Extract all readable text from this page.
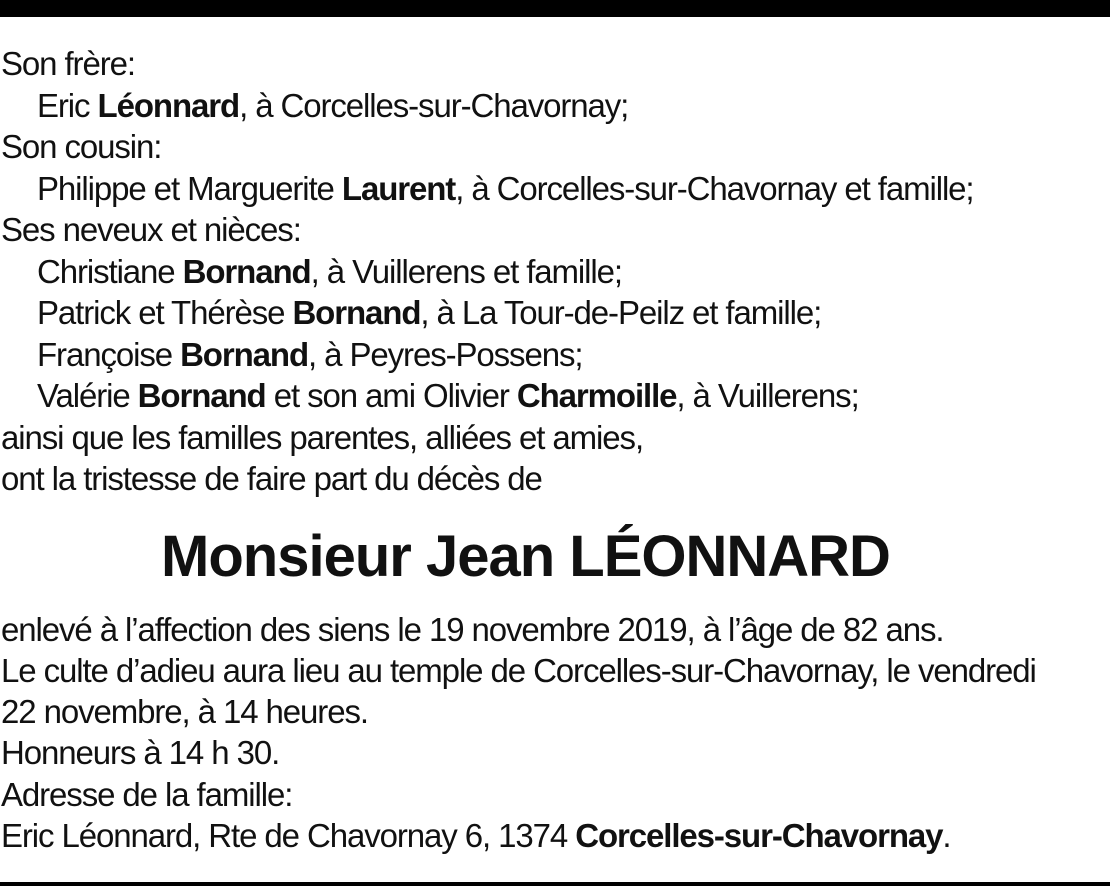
Son frère:
Eric Léonnard, à Corcelles-sur-Chavornay;
Son cousin:
Philippe et Marguerite Laurent, à Corcelles-sur-Chavornay et famille;
Ses neveux et nièces:
Christiane Bornand, à Vuillerens et famille;
Patrick et Thérèse Bornand, à La Tour-de-Peilz et famille;
Françoise Bornand, à Peyres-Possens;
Valérie Bornand et son ami Olivier Charmoille, à Vuillerens;
ainsi que les familles parentes, alliées et amies,
ont la tristesse de faire part du décès de
Monsieur Jean LÉONNARD
enlevé à l’affection des siens le 19 novembre 2019, à l’âge de 82 ans.
Le culte d’adieu aura lieu au temple de Corcelles-sur-Chavornay, le vendredi
22 novembre, à 14 heures.
Honneurs à 14 h 30.
Adresse de la famille:
Eric Léonnard, Rte de Chavornay 6, 1374 Corcelles-sur-Chavornay.
